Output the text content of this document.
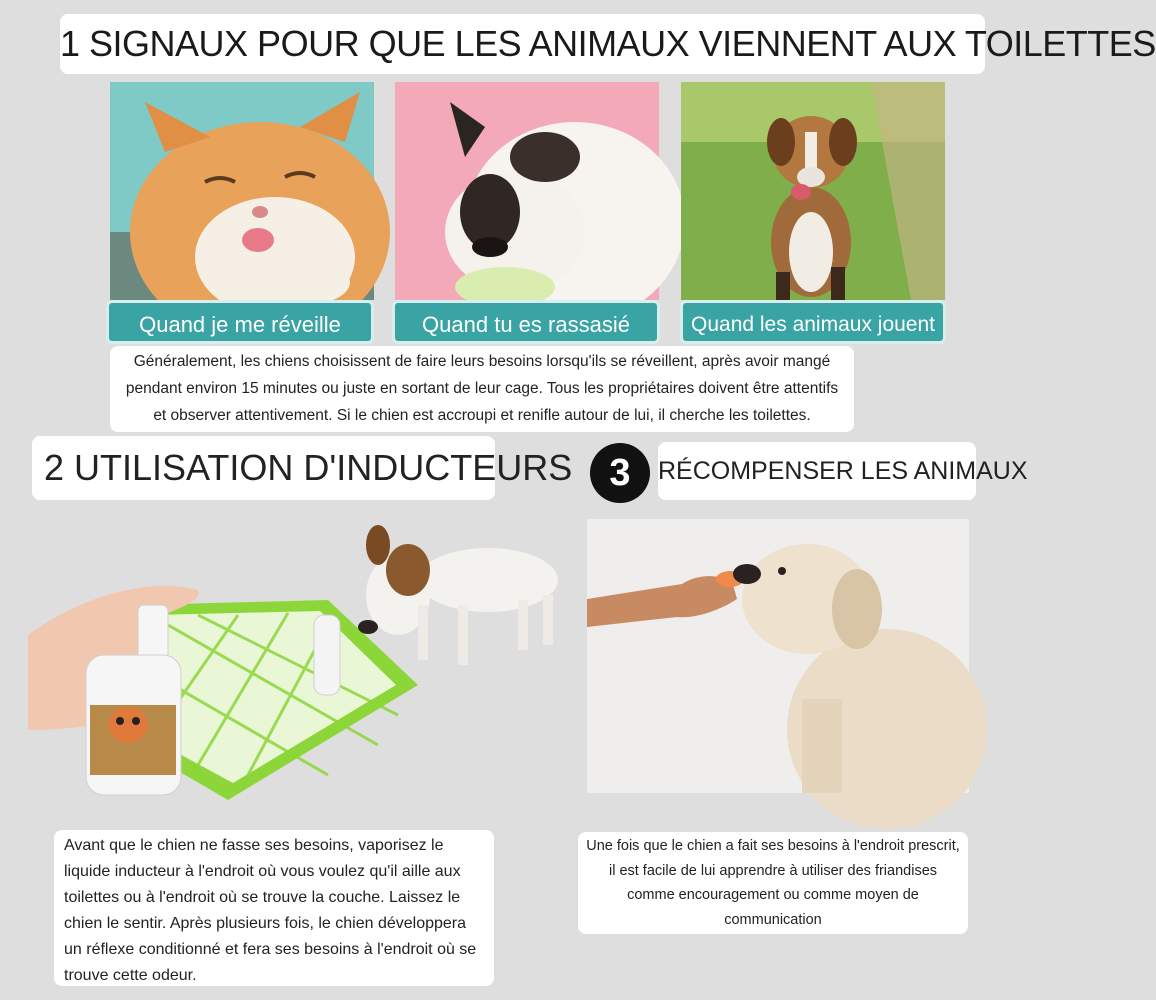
1 SIGNAUX POUR QUE LES ANIMAUX VIENNENT AUX TOILETTES
Quand je me réveille	Quand tu es rassasié	Quand les animaux jouent
Généralement, les chiens choisissent de faire leurs besoins lorsqu'ils se réveillent, après avoir mangé pendant environ 15 minutes ou juste en sortant de leur cage. Tous les propriétaires doivent être attentifs et observer attentivement. Si le chien est accroupi et renifle autour de lui, il cherche les toilettes.
2 UTILISATION D'INDUCTEURS 3	RÉCOMPENSER LES ANIMAUX
Avant que le chien ne fasse ses besoins, vaporisez le liquide inducteur à l'endroit où vous voulez qu'il aille aux toilettes ou à l'endroit où se trouve la couche. Laissez le chien le sentir. Après plusieurs fois, le chien développera un réflexe conditionné et fera ses besoins à l'endroit où se trouve cette odeur.
Une fois que le chien a fait ses besoins à l'endroit prescrit, il est facile de lui apprendre à utiliser des friandises comme encouragement ou comme moyen de communication
